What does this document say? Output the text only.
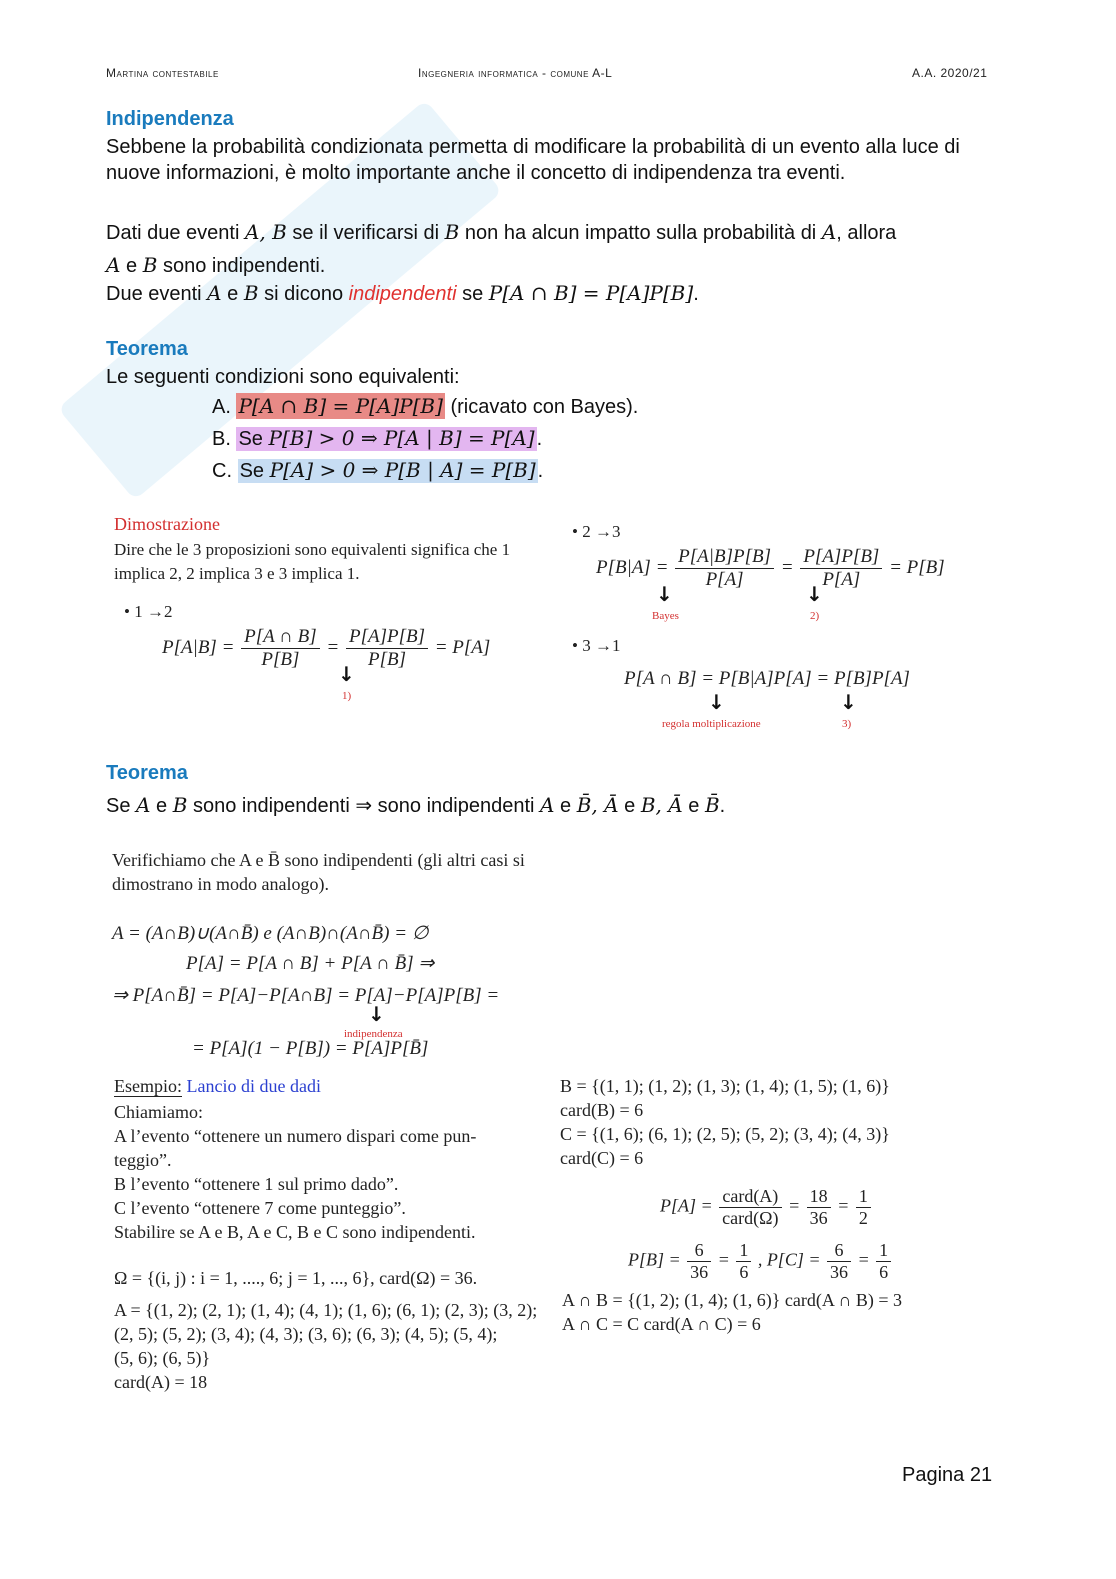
Martina contestabile	Ingegneria informatica - comune A-L	A.A. 2020/21
Indipendenza
Sebbene la probabilità condizionata permetta di modificare la probabilità di un evento alla luce di nuove informazioni, è molto importante anche il concetto di indipendenza tra eventi.
Dati due eventi A, B se il verificarsi di B non ha alcun impatto sulla probabilità di A, allora
A e B sono indipendenti.
Due eventi A e B si dicono indipendenti se P[A ∩ B] = P[A]P[B].
Teorema
Le seguenti condizioni sono equivalenti:
A. P[A ∩ B] = P[A]P[B] (ricavato con Bayes).
B. Se P[B] > 0 ⇒ P[A | B] = P[A] .
C. Se P[A] > 0 ⇒ P[B | A] = P[B] .
Dimostrazione
Dire che le 3 proposizioni sono equivalenti significa che 1 implica 2, 2 implica 3 e 3 implica 1.
• 1 →2
$P[A|B] = \frac{P[A \cap B]}{P[B]} = \frac{P[A]P[B]}{P[B]} = P[A]$
↓
1)
• 2 →3
$P[B|A] = \frac{P[A|B]P[B]}{P[A]} = \frac{P[A]P[B]}{P[A]} = P[B]$
↓
Bayes
↓
2)
• 3 →1
P[A ∩ B] = P[B|A]P[A] = P[B]P[A]
↓
regola moltiplicazione
↓
3)
Teorema
Se A e B sono indipendenti ⇒ sono indipendenti A e B̄, Ā e B, Ā e B̄.
Verifichiamo che A e B̄ sono indipendenti (gli altri casi si dimostrano in modo analogo).
A = (A∩B)∪(A∩B̄) e (A∩B)∩(A∩B̄) = ∅
P[A] = P[A ∩ B] + P[A ∩ B̄] ⇒
⇒ P[A∩B̄] = P[A]−P[A∩B] = P[A]−P[A]P[B] =
↓
indipendenza
= P[A](1 − P[B]) = P[A]P[B̄]
Esempio: Lancio di due dadi
Chiamiamo:
A l’evento “ottenere un numero dispari come pun-
teggio”.
B l’evento “ottenere 1 sul primo dado”.
C l’evento “ottenere 7 come punteggio”.
Stabilire se A e B, A e C, B e C sono indipendenti.
Ω = {(i, j) : i = 1, ...., 6; j = 1, ..., 6}, card(Ω) = 36.
A = {(1, 2); (2, 1); (1, 4); (4, 1); (1, 6); (6, 1); (2, 3); (3, 2);
(2, 5); (5, 2); (3, 4); (4, 3); (3, 6); (6, 3); (4, 5); (5, 4);
(5, 6); (6, 5)}
card(A) = 18
B = {(1, 1); (1, 2); (1, 3); (1, 4); (1, 5); (1, 6)}
card(B) = 6
C = {(1, 6); (6, 1); (2, 5); (5, 2); (3, 4); (4, 3)}
card(C) = 6
$P[A] = \frac{\text{card(A)}}{\text{card(Ω)}} = \frac{18}{36} = \frac{1}{2}$
$P[B] = \frac{6}{36} = \frac{1}{6}$ , $P[C] = \frac{6}{36} = \frac{1}{6}$
A ∩ B = {(1, 2); (1, 4); (1, 6)} card(A ∩ B) = 3
A ∩ C = C card(A ∩ C) = 6
Pagina 21
